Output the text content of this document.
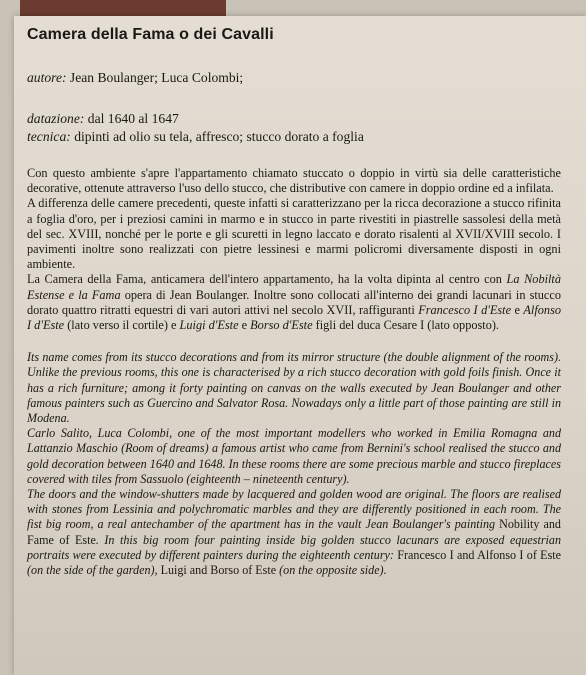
Camera della Fama o dei Cavalli

autore: Jean Boulanger; Luca Colombi;

datazione: dal 1640 al 1647

tecnica: dipinti ad olio su tela, affresco; stucco dorato a foglia

Con questo ambiente s'apre l'appartamento chiamato stuccato o doppio in virtù sia delle caratteristiche decorative, ottenute attraverso l'uso dello stucco, che distributive con camere in doppio ordine ed a infilata.

A differenza delle camere precedenti, queste infatti si caratterizzano per la ricca decorazione a stucco rifinita a foglia d'oro, per i preziosi camini in marmo e in stucco in parte rivestiti in piastrelle sassolesi della metà del sec. XVIII, nonché per le porte e gli scuretti in legno laccato e dorato risalenti al XVII/XVIII secolo. I pavimenti inoltre sono realizzati con pietre lessinesi e marmi policromi diversamente disposti in ogni ambiente.

La Camera della Fama, anticamera dell'intero appartamento, ha la volta dipinta al centro con La Nobiltà Estense e la Fama opera di Jean Boulanger. Inoltre sono collocati all'interno dei grandi lacunari in stucco dorato quattro ritratti equestri di vari autori attivi nel secolo XVII, raffiguranti Francesco I d'Este e Alfonso I d'Este (lato verso il cortile) e Luigi d'Este e Borso d'Este figli del duca Cesare I (lato opposto).

Its name comes from its stucco decorations and from its mirror structure (the double alignment of the rooms). Unlike the previous rooms, this one is characterised by a rich stucco decoration with gold foils finish. Once it has a rich furniture; among it forty painting on canvas on the walls executed by Jean Boulanger and other famous painters such as Guercino and Salvator Rosa. Nowadays only a little part of those painting are still in Modena.

Carlo Salito, Luca Colombi, one of the most important modellers who worked in Emilia Romagna and Lattanzio Maschio (Room of dreams) a famous artist who came from Bernini's school realised the stucco and gold decoration between 1640 and 1648. In these rooms there are some precious marble and stucco fireplaces covered with tiles from Sassuolo (eighteenth – nineteenth century).

The doors and the window-shutters made by lacquered and golden wood are original. The floors are realised with stones from Lessinia and polychromatic marbles and they are differently positioned in each room. The fist big room, a real antechamber of the apartment has in the vault Jean Boulanger's painting Nobility and Fame of Este. In this big room four painting inside big golden stucco lacunars are exposed equestrian portraits were executed by different painters during the eighteenth century: Francesco I and Alfonso I of Este (on the side of the garden), Luigi and Borso of Este (on the opposite side).
